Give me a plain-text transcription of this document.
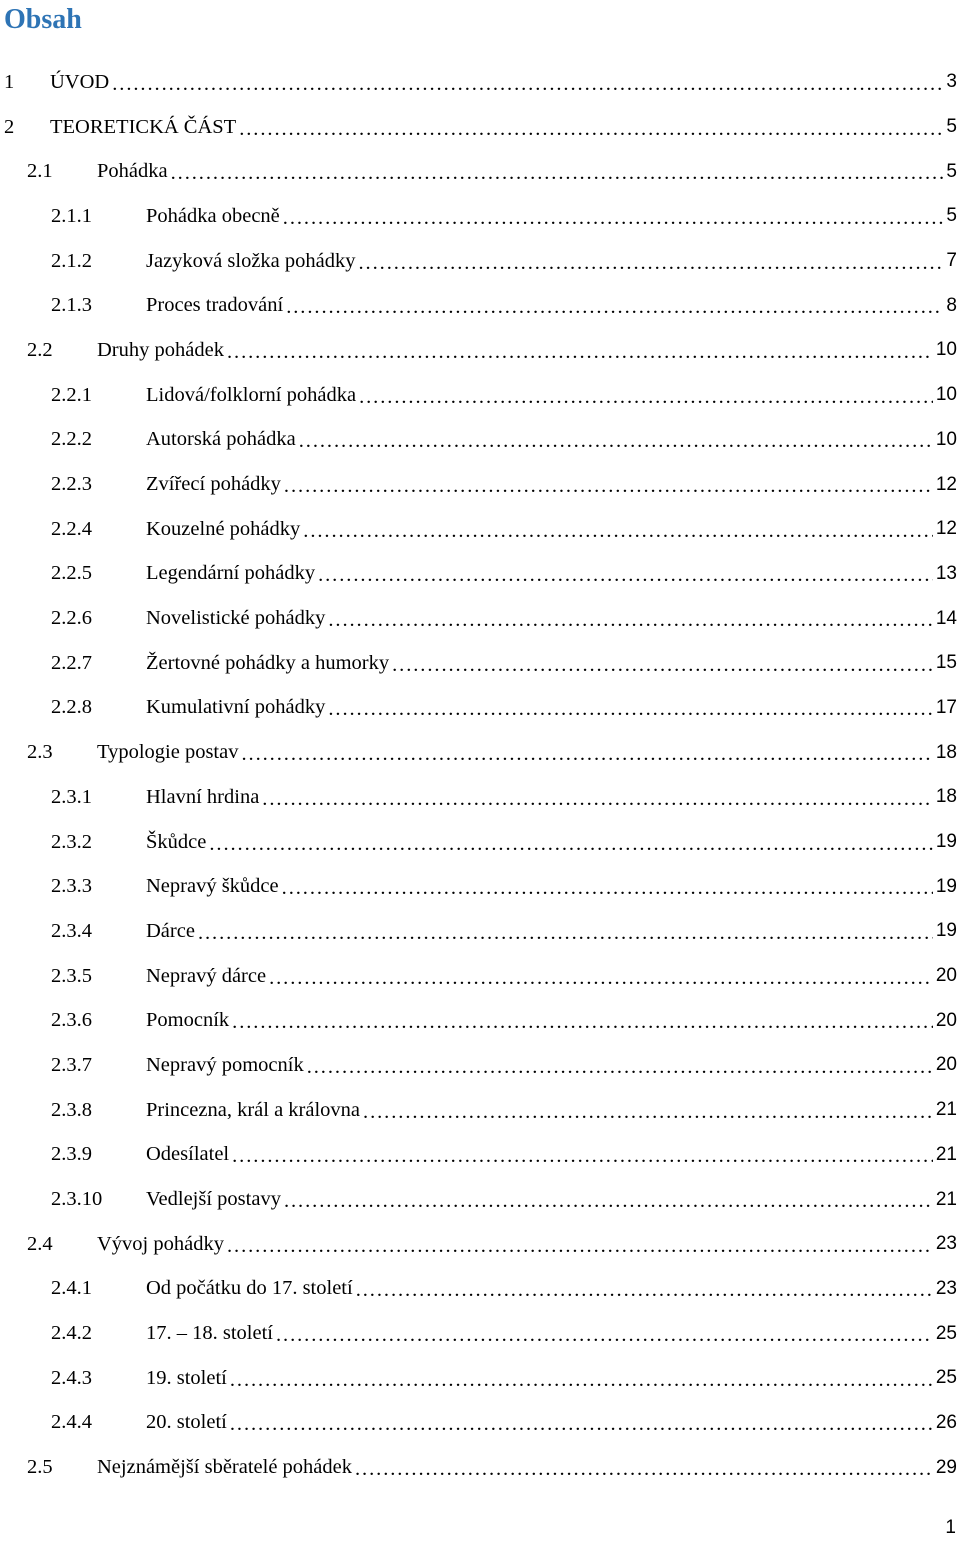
Obsah
1	ÚVOD . . .	3
2	TEORETICKÁ ČÁST . . .	5
2.1	Pohádka . . .	5
2.1.1	Pohádka obecně . . .	5
2.1.2	Jazyková složka pohádky . . .	7
2.1.3	Proces tradování . . .	8
2.2	Druhy pohádek . . .	10
2.2.1	Lidová/folklorní pohádka . . .	10
2.2.2	Autorská pohádka . . .	10
2.2.3	Zvířecí pohádky . . .	12
2.2.4	Kouzelné pohádky . . .	12
2.2.5	Legendární pohádky . . .	13
2.2.6	Novelistické pohádky . . .	14
2.2.7	Žertovné pohádky a humorky . . .	15
2.2.8	Kumulativní pohádky . . .	17
2.3	Typologie postav . . .	18
2.3.1	Hlavní hrdina . . .	18
2.3.2	Škůdce . . .	19
2.3.3	Nepravý škůdce . . .	19
2.3.4	Dárce . . .	19
2.3.5	Nepravý dárce . . .	20
2.3.6	Pomocník . . .	20
2.3.7	Nepravý pomocník . . .	20
2.3.8	Princezna, král a královna . . .	21
2.3.9	Odesílatel . . .	21
2.3.10	Vedlejší postavy . . .	21
2.4	Vývoj pohádky . . .	23
2.4.1	Od počátku do 17. století . . .	23
2.4.2	17. – 18. století . . .	25
2.4.3	19. století . . .	25
2.4.4	20. století . . .	26
2.5	Nejznámější sběratelé pohádek . . .	29
1
